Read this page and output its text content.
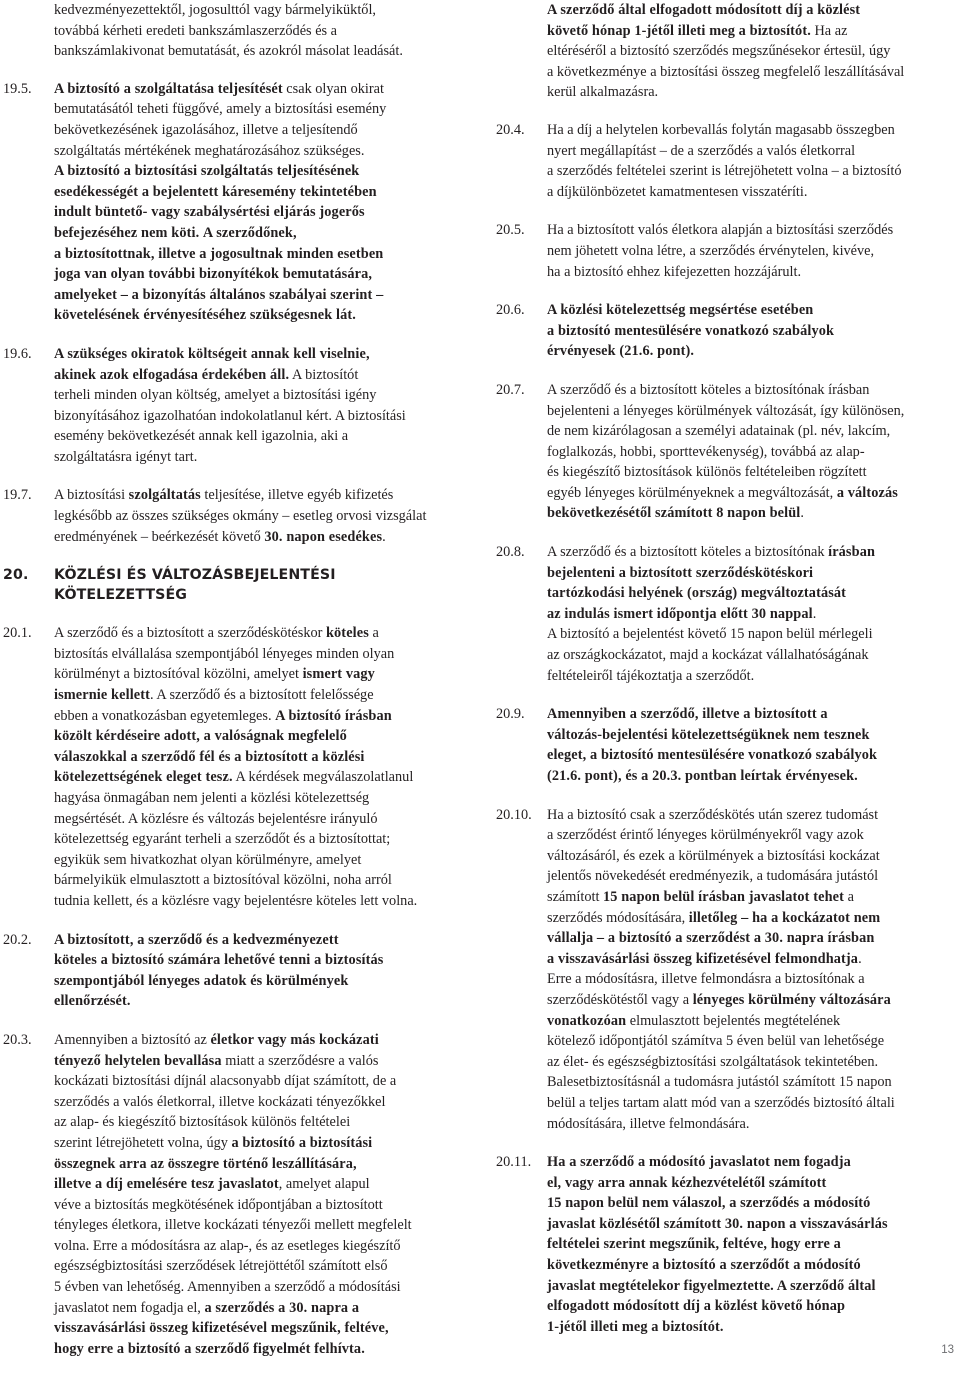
kedvezményezettektől, jogosulttól vagy bármelyiküktől,
továbbá kérheti eredeti bankszámlaszerződés és a
bankszámlakivonat bemutatását, és azokról másolat leadását.

19.5. A biztosító a szolgáltatása teljesítését csak olyan okirat
bemutatásától teheti függővé, amely a biztosítási esemény
bekövetkezésének igazolásához, illetve a teljesítendő
szolgáltatás mértékének meghatározásához szükséges.
A biztosító a biztosítási szolgáltatás teljesítésének
esedékességét a bejelentett káresemény tekintetében
indult büntető- vagy szabálysértési eljárás jogerős
befejezéséhez nem köti. A szerződőnek,
a biztosítottnak, illetve a jogosultnak minden esetben
joga van olyan további bizonyítékok bemutatására,
amelyeket – a bizonyítás általános szabályai szerint –
követelésének érvényesítéséhez szükségesnek lát.

19.6. A szükséges okiratok költségeit annak kell viselnie,
akinek azok elfogadása érdekében áll. A biztosítót
terheli minden olyan költség, amelyet a biztosítási igény
bizonyításához igazolhatóan indokolatlanul kért. A biztosítási
esemény bekövetkezését annak kell igazolnia, aki a
szolgáltatásra igényt tart.

19.7. A biztosítási szolgáltatás teljesítése, illetve egyéb kifizetés
legkésőbb az összes szükséges okmány – esetleg orvosi vizsgálat
eredményének – beérkezését követő 30. napon esedékes.

20. KÖZLÉSI ÉS VÁLTOZÁSBEJELENTÉSI KÖTELEZETTSÉG
20.1. A szerződő és a biztosított a szerződéskötéskor köteles a
biztosítás elvállalása szempontjából lényeges minden olyan
körülményt a biztosítóval közölni, amelyet ismert vagy
ismernie kellett. A szerződő és a biztosított felelőssége
ebben a vonatkozásban egyetemleges. A biztosító írásban
közölt kérdéseire adott, a valóságnak megfelelő
válaszokkal a szerződő fél és a biztosított a közlési
kötelezettségének eleget tesz. A kérdések megválaszolatlanul
hagyása önmagában nem jelenti a közlési kötelezettség
megsértését. A közlésre és változás bejelentésre irányuló
kötelezettség egyaránt terheli a szerződőt és a biztosítottat;
egyikük sem hivatkozhat olyan körülményre, amelyet
bármelyikük elmulasztott a biztosítóval közölni, noha arról
tudnia kellett, és a közlésre vagy bejelentésre köteles lett volna.

20.2. A biztosított, a szerződő és a kedvezményezett
köteles a biztosító számára lehetővé tenni a biztosítás
szempontjából lényeges adatok és körülmények
ellenőrzését.

20.3. Amennyiben a biztosító az életkor vagy más kockázati
tényező helytelen bevallása miatt a szerződésre a valós
kockázati biztosítási díjnál alacsonyabb díjat számított, de a
szerződés a valós életkorral, illetve kockázati tényezőkkel
az alap- és kiegészítő biztosítások különös feltételei
szerint létrejöhetett volna, úgy a biztosító a biztosítási
összegnek arra az összegre történő leszállítására,
illetve a díj emelésére tesz javaslatot, amelyet alapul
véve a biztosítás megkötésének időpontjában a biztosított
tényleges életkora, illetve kockázati tényezői mellett megfelelt
volna. Erre a módosításra az alap-, és az esetleges kiegészítő
egészségbiztosítási szerződések létrejöttétől számított első
5 évben van lehetőség. Amennyiben a szerződő a módosítási
javaslatot nem fogadja el, a szerződés a 30. napra a
visszavásárlási összeg kifizetésével megszűnik, feltéve,
hogy erre a biztosító a szerződő figyelmét felhívta.

A szerződő által elfogadott módosított díj a közlést
követő hónap 1-jétől illeti meg a biztosítót. Ha az
eltéréséről a biztosító szerződés megszűnésekor értesül, úgy
a következménye a biztosítási összeg megfelelő leszállításával
kerül alkalmazásra.

20.4. Ha a díj a helytelen korbevallás folytán magasabb összegben
nyert megállapítást – de a szerződés a valós életkorral
a szerződés feltételei szerint is létrejöhetett volna – a biztosító
a díjkülönbözetet kamatmentesen visszatéríti.

20.5. Ha a biztosított valós életkora alapján a biztosítási szerződés
nem jöhetett volna létre, a szerződés érvénytelen, kivéve,
ha a biztosító ehhez kifejezetten hozzájárult.

20.6. A közlési kötelezettség megsértése esetében
a biztosító mentesülésére vonatkozó szabályok
érvényesek (21.6. pont).

20.7. A szerződő és a biztosított köteles a biztosítónak írásban
bejelenteni a lényeges körülmények változását, így különösen,
de nem kizárólagosan a személyi adatainak (pl. név, lakcím,
foglalkozás, hobbi, sporttevékenység), továbbá az alap-
és kiegészítő biztosítások különös feltételeiben rögzített
egyéb lényeges körülményeknek a megváltozását, a változás
bekövetkezésétől számított 8 napon belül.

20.8. A szerződő és a biztosított köteles a biztosítónak írásban
bejelenteni a biztosított szerződéskötéskori
tartózkodási helyének (ország) megváltoztatását
az indulás ismert időpontja előtt 30 nappal.
A biztosító a bejelentést követő 15 napon belül mérlegeli
az országkockázatot, majd a kockázat vállalhatóságának
feltételeiről tájékoztatja a szerződőt.

20.9. Amennyiben a szerződő, illetve a biztosított a
változás-bejelentési kötelezettségüknek nem tesznek
eleget, a biztosító mentesülésére vonatkozó szabályok
(21.6. pont), és a 20.3. pontban leírtak érvényesek.

20.10. Ha a biztosító csak a szerződéskötés után szerez tudomást
a szerződést érintő lényeges körülményekről vagy azok
változásáról, és ezek a körülmények a biztosítási kockázat
jelentős növekedését eredményezik, a tudomására jutástól
számított 15 napon belül írásban javaslatot tehet a
szerződés módosítására, illetőleg – ha a kockázatot nem
vállalja – a biztosító a szerződést a 30. napra írásban
a visszavásárlási összeg kifizetésével felmondhatja.
Erre a módosításra, illetve felmondásra a biztosítónak a
szerződéskötéstől vagy a lényeges körülmény változására
vonatkozóan elmulasztott bejelentés megtételének
kötelező időpontjától számítva 5 éven belül van lehetősége
az élet- és egészségbiztosítási szolgáltatások tekintetében.
Balesetbiztosításnál a tudomásra jutástól számított 15 napon
belül a teljes tartam alatt mód van a szerződés biztosító általi
módosítására, illetve felmondására.

20.11. Ha a szerződő a módosító javaslatot nem fogadja
el, vagy arra annak kézhezvételétől számított
15 napon belül nem válaszol, a szerződés a módosító
javaslat közlésétől számított 30. napon a visszavásárlás
feltételei szerint megszűnik, feltéve, hogy erre a
következményre a biztosító a szerződőt a módosító
javaslat megtételekor figyelmeztette. A szerződő által
elfogadott módosított díj a közlést követő hónap
1-jétől illeti meg a biztosítót.

13
